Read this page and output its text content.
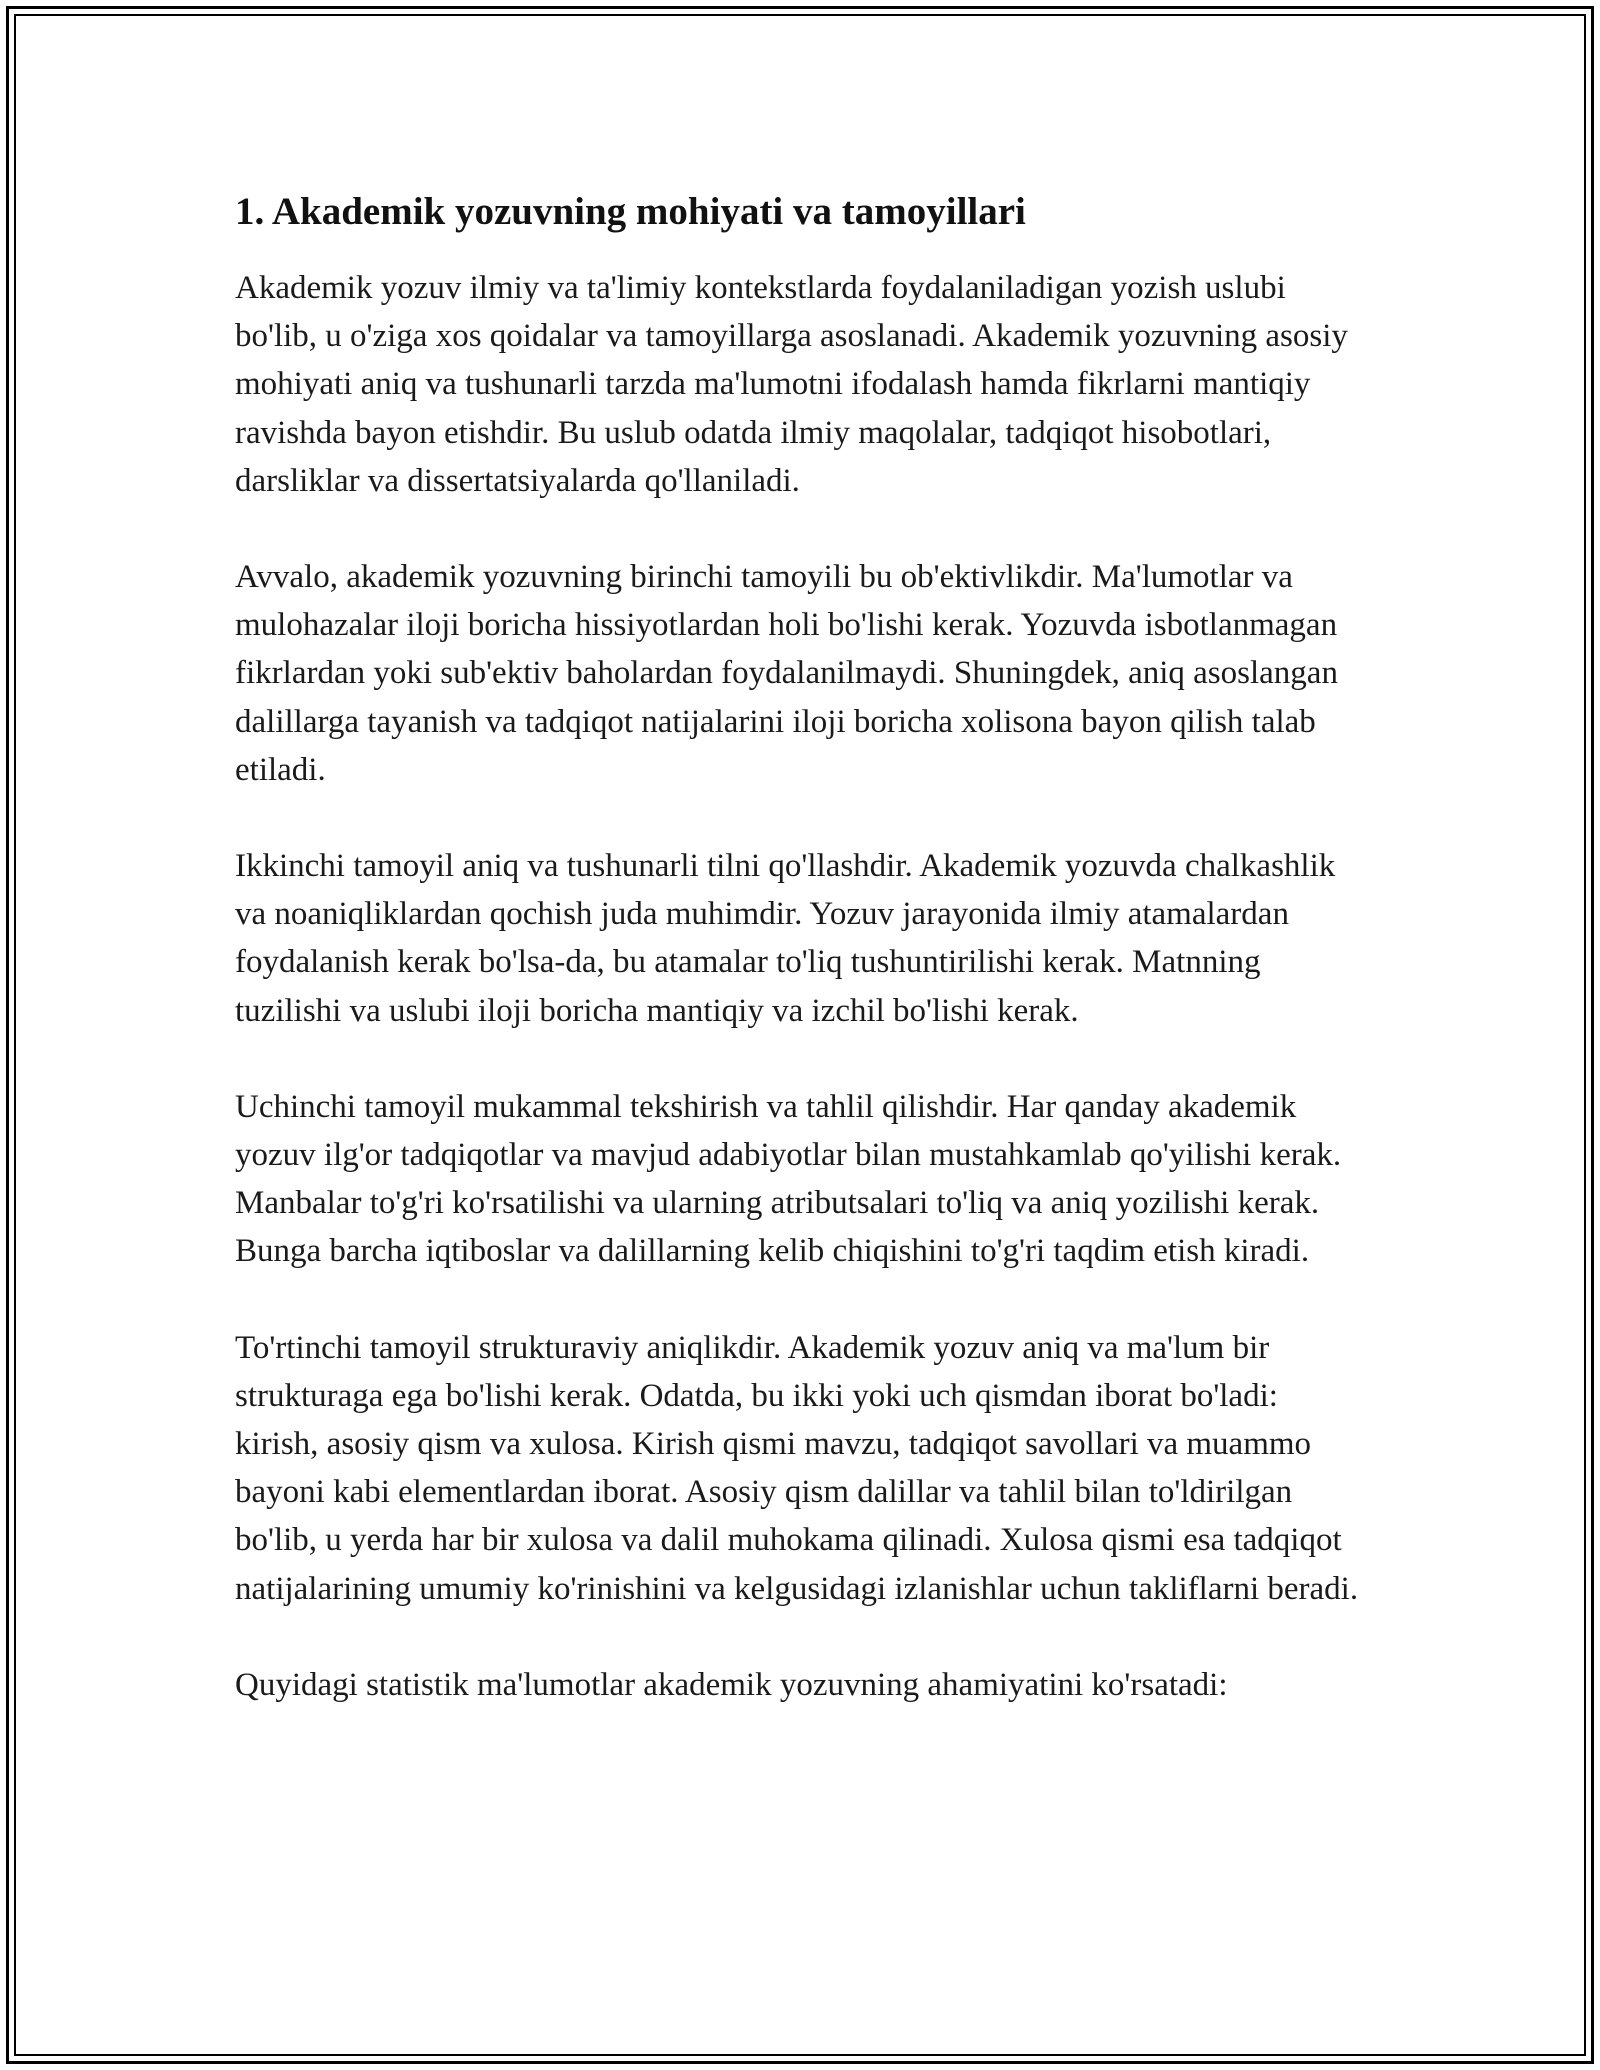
1. Akademik yozuvning mohiyati va tamoyillari

Akademik yozuv ilmiy va ta'limiy kontekstlarda foydalaniladigan yozish uslubi bo'lib, u o'ziga xos qoidalar va tamoyillarga asoslanadi. Akademik yozuvning asosiy mohiyati aniq va tushunarli tarzda ma'lumotni ifodalash hamda fikrlarni mantiqiy ravishda bayon etishdir. Bu uslub odatda ilmiy maqolalar, tadqiqot hisobotlari, darsliklar va dissertatsiyalarda qo'llaniladi.

Avvalo, akademik yozuvning birinchi tamoyili bu ob'ektivlikdir. Ma'lumotlar va mulohazalar iloji boricha hissiyotlardan holi bo'lishi kerak. Yozuvda isbotlanmagan fikrlardan yoki sub'ektiv baholardan foydalanilmaydi. Shuningdek, aniq asoslangan dalillarga tayanish va tadqiqot natijalarini iloji boricha xolisona bayon qilish talab etiladi.

Ikkinchi tamoyil aniq va tushunarli tilni qo'llashdir. Akademik yozuvda chalkashlik va noaniqliklardan qochish juda muhimdir. Yozuv jarayonida ilmiy atamalardan foydalanish kerak bo'lsa-da, bu atamalar to'liq tushuntirilishi kerak. Matnning tuzilishi va uslubi iloji boricha mantiqiy va izchil bo'lishi kerak.

Uchinchi tamoyil mukammal tekshirish va tahlil qilishdir. Har qanday akademik yozuv ilg'or tadqiqotlar va mavjud adabiyotlar bilan mustahkamlab qo'yilishi kerak. Manbalar to'g'ri ko'rsatilishi va ularning atributsalari to'liq va aniq yozilishi kerak. Bunga barcha iqtiboslar va dalillarning kelib chiqishini to'g'ri taqdim etish kiradi.

To'rtinchi tamoyil strukturaviy aniqlikdir. Akademik yozuv aniq va ma'lum bir strukturaga ega bo'lishi kerak. Odatda, bu ikki yoki uch qismdan iborat bo'ladi: kirish, asosiy qism va xulosa. Kirish qismi mavzu, tadqiqot savollari va muammo bayoni kabi elementlardan iborat. Asosiy qism dalillar va tahlil bilan to'ldirilgan bo'lib, u yerda har bir xulosa va dalil muhokama qilinadi. Xulosa qismi esa tadqiqot natijalarining umumiy ko'rinishini va kelgusidagi izlanishlar uchun takliflarni beradi.

Quyidagi statistik ma'lumotlar akademik yozuvning ahamiyatini ko'rsatadi:
